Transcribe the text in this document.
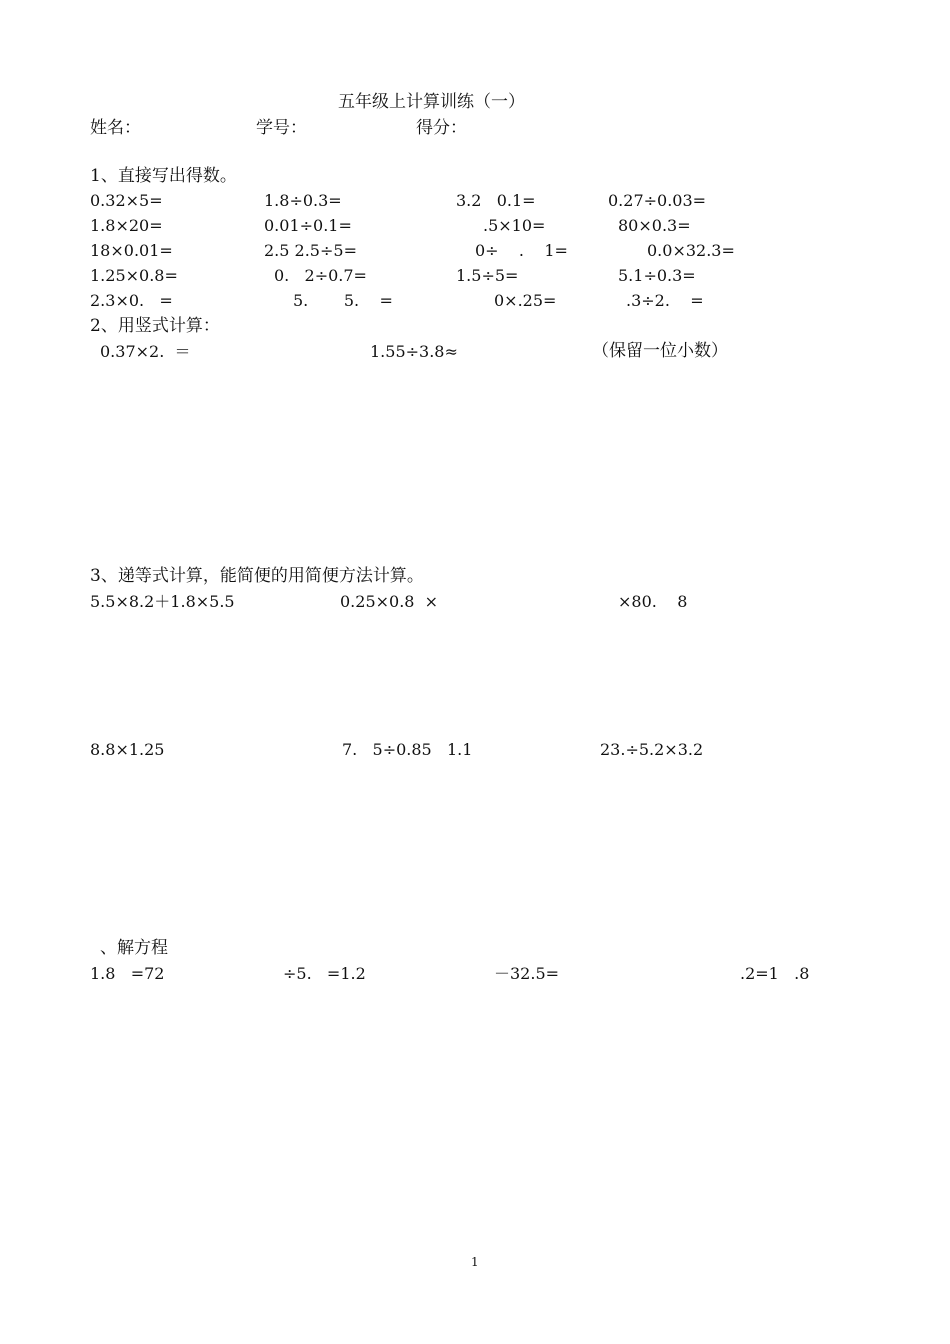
五年级上计算训练（一）
姓名：	学号：	得分：
1、直接写出得数。
0.32×5=	1.8÷0.3=	3.2   0.1=	0.27÷0.03=
1.8×20=	0.01÷0.1=	.5×10=	80×0.3=
18×0.01=	2.5 2.5÷5=	0÷    .    1=	0.0×32.3=
1.25×0.8=	0.   2÷0.7=	1.5÷5=	5.1÷0.3=
2.3×0.   =	5.       5.    =	0×.25=	.3÷2.    =
2、用竖式计算：
0.37×2.  ＝	1.55÷3.8≈	（保留一位小数）
3、递等式计算，能简便的用简便方法计算。
5.5×8.2＋1.8×5.5	0.25×0.8  ×	×80.    8
8.8×1.25	7.   5÷0.85   1.1	23.÷5.2×3.2
、解方程
1.8   =72	÷5.   =1.2	－32.5=	.2=1   .8
1
